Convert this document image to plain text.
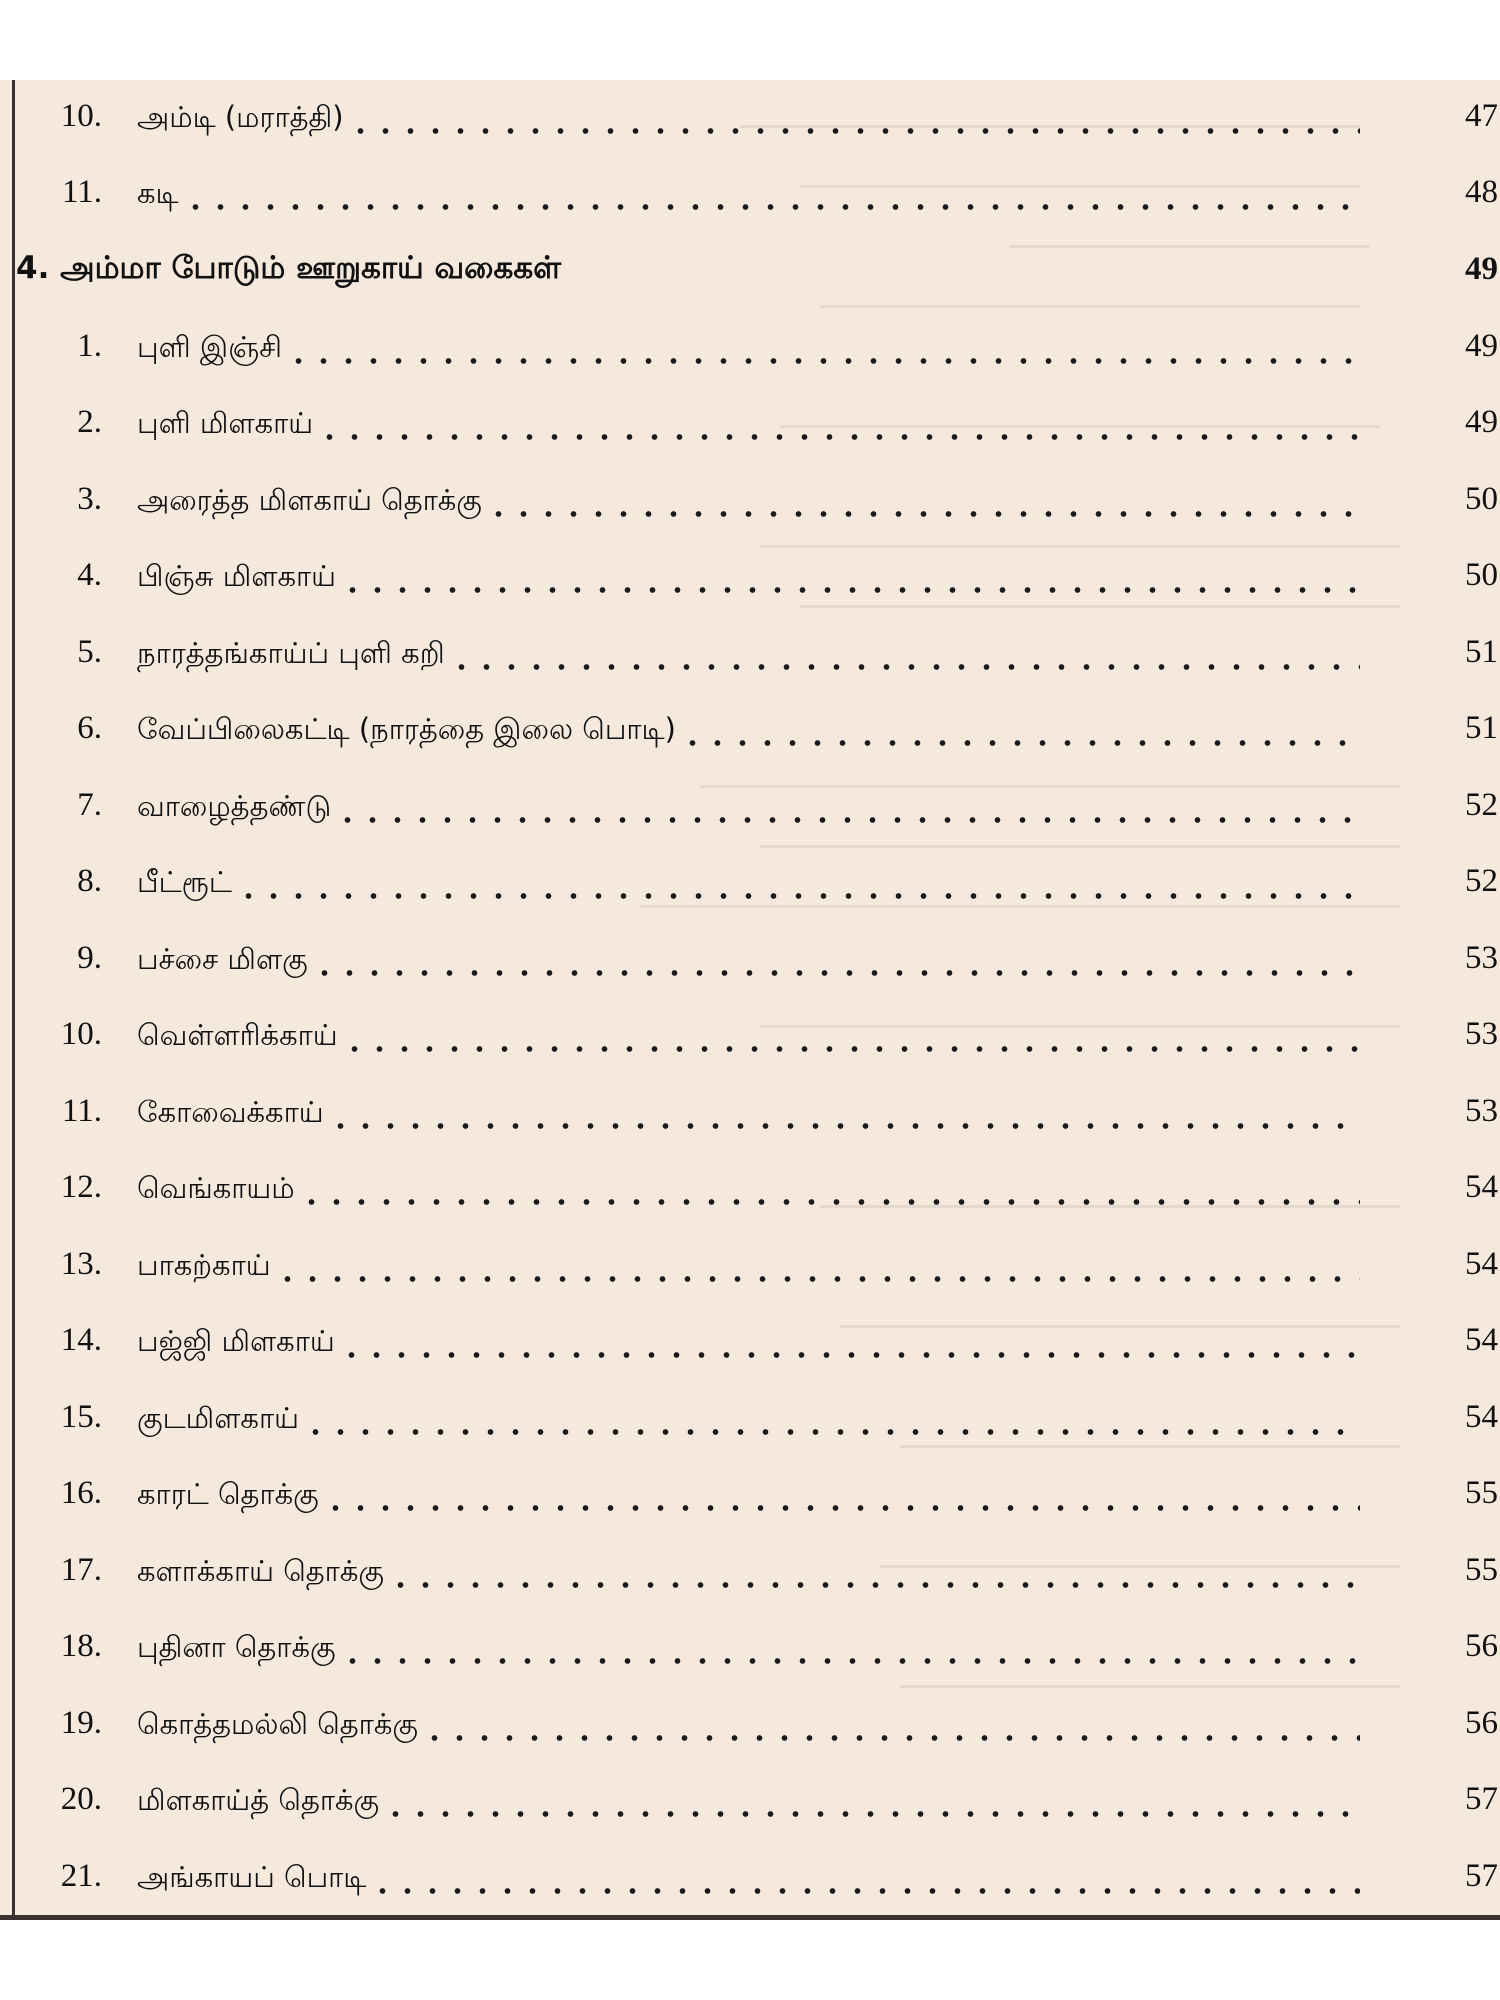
10. அம்டி (மராத்தி)	47
11. கடி	48
4. அம்மா போடும் ஊறுகாய் வகைகள்	49
1. புளி இஞ்சி	49
2. புளி மிளகாய்	49
3. அரைத்த மிளகாய் தொக்கு	50
4. பிஞ்சு மிளகாய்	50
5. நாரத்தங்காய்ப் புளி கறி	51
6. வேப்பிலைகட்டி (நாரத்தை இலை பொடி)	51
7. வாழைத்தண்டு	52
8. பீட்ரூட்	52
9. பச்சை மிளகு	53
10. வெள்ளரிக்காய்	53
11. கோவைக்காய்	53
12. வெங்காயம்	54
13. பாகற்காய்	54
14. பஜ்ஜி மிளகாய்	54
15. குடமிளகாய்	54
16. காரட் தொக்கு	55
17. களாக்காய் தொக்கு	55
18. புதினா தொக்கு	56
19. கொத்தமல்லி தொக்கு	56
20. மிளகாய்த் தொக்கு	57
21. அங்காயப் பொடி	57
